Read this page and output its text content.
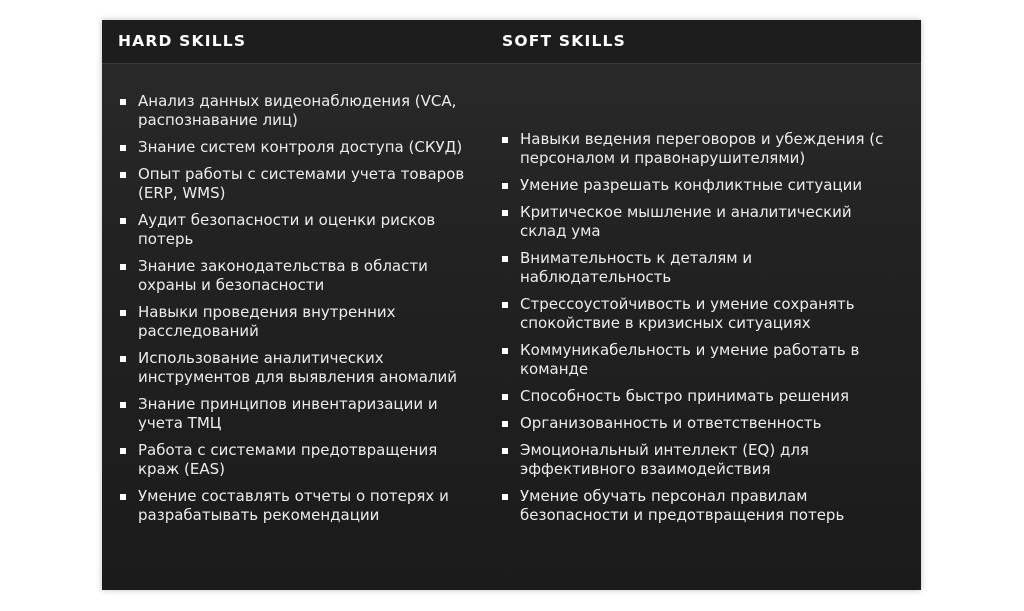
HARD SKILLS	SOFT SKILLS
Анализ данных видеонаблюдения (VCA, распознавание лиц)
Знание систем контроля доступа (СКУД)
Опыт работы с системами учета товаров (ERP, WMS)
Аудит безопасности и оценки рисков потерь
Знание законодательства в области охраны и безопасности
Навыки проведения внутренних расследований
Использование аналитических инструментов для выявления аномалий
Знание принципов инвентаризации и учета ТМЦ
Работа с системами предотвращения краж (EAS)
Умение составлять отчеты о потерях и разрабатывать рекомендации
Навыки ведения переговоров и убеждения (с персоналом и правонарушителями)
Умение разрешать конфликтные ситуации
Критическое мышление и аналитический склад ума
Внимательность к деталям и наблюдательность
Стрессоустойчивость и умение сохранять спокойствие в кризисных ситуациях
Коммуникабельность и умение работать в команде
Способность быстро принимать решения
Организованность и ответственность
Эмоциональный интеллект (EQ) для эффективного взаимодействия
Умение обучать персонал правилам безопасности и предотвращения потерь
